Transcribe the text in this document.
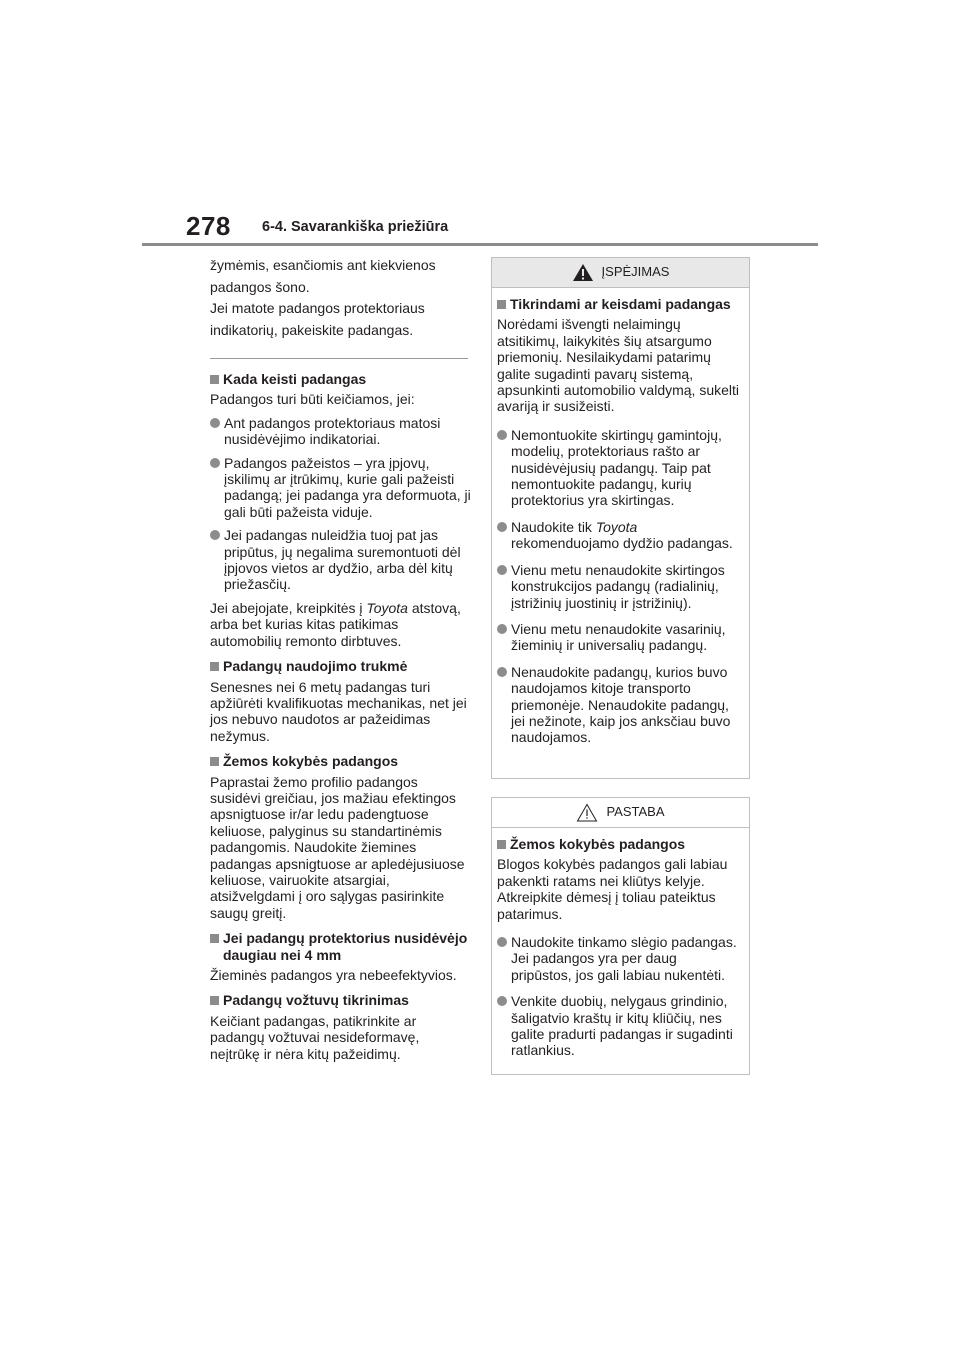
278 6-4. Savarankiška priežiūra

žymėmis, esančiomis ant kiekvienos

padangos šono.

Jei matote padangos protektoriaus

indikatorių, pakeiskite padangas.

Kada keisti padangas
Padangos turi būti keičiamos, jei:
Ant padangos protektoriaus matosi nusidėvėjimo indikatoriai.
Padangos pažeistos – yra įpjovų, įskilimų ar įtrūkimų, kurie gali pažeisti padangą; jei padanga yra deformuota, ji gali būti pažeista viduje.
Jei padangas nuleidžia tuoj pat jas pripūtus, jų negalima suremontuoti dėl įpjovos vietos ar dydžio, arba dėl kitų priežasčių.
Jei abejojate, kreipkitės į Toyota atstovą, arba bet kurias kitas patikimas automobilių remonto dirbtuves.
Padangų naudojimo trukmė
Senesnes nei 6 metų padangas turi apžiūrėti kvalifikuotas mechanikas, net jei jos nebuvo naudotos ar pažeidimas nežymus.
Žemos kokybės padangos
Paprastai žemo profilio padangos susidėvi greičiau, jos mažiau efektingos apsnigtuose ir/ar ledu padengtuose keliuose, palyginus su standartinėmis padangomis. Naudokite žiemines padangas apsnigtuose ar apledėjusiuose keliuose, vairuokite atsargiai, atsižvelgdami į oro sąlygas pasirinkite saugų greitį.
Jei padangų protektorius nusidėvėjo daugiau nei 4 mm
Žieminės padangos yra nebeefektyvios.
Padangų vožtuvų tikrinimas
Keičiant padangas, patikrinkite ar padangų vožtuvai nesideformavę, neįtrūkę ir nėra kitų pažeidimų.
ĮSPĖJIMAS
Tikrindami ar keisdami padangas
Norėdami išvengti nelaimingų atsitikimų, laikykitės šių atsargumo priemonių. Nesilaikydami patarimų galite sugadinti pavarų sistemą, apsunkinti automobilio valdymą, sukelti avariją ir susižeisti.
Nemontuokite skirtingų gamintojų, modelių, protektoriaus rašto ar nusidėvėjusių padangų. Taip pat nemontuokite padangų, kurių protektorius yra skirtingas.
Naudokite tik Toyota rekomenduojamo dydžio padangas.
Vienu metu nenaudokite skirtingos konstrukcijos padangų (radialinių, įstrižinių juostinių ir įstrižinių).
Vienu metu nenaudokite vasarinių, žieminių ir universalių padangų.
Nenaudokite padangų, kurios buvo naudojamos kitoje transporto priemonėje. Nenaudokite padangų, jei nežinote, kaip jos anksčiau buvo naudojamos.
PASTABA
Žemos kokybės padangos
Blogos kokybės padangos gali labiau pakenkti ratams nei kliūtys kelyje. Atkreipkite dėmesį į toliau pateiktus patarimus.
Naudokite tinkamo slėgio padangas. Jei padangos yra per daug pripūstos, jos gali labiau nukentėti.
Venkite duobių, nelygaus grindinio, šaligatvio kraštų ir kitų kliūčių, nes galite pradurti padangas ir sugadinti ratlankius.
